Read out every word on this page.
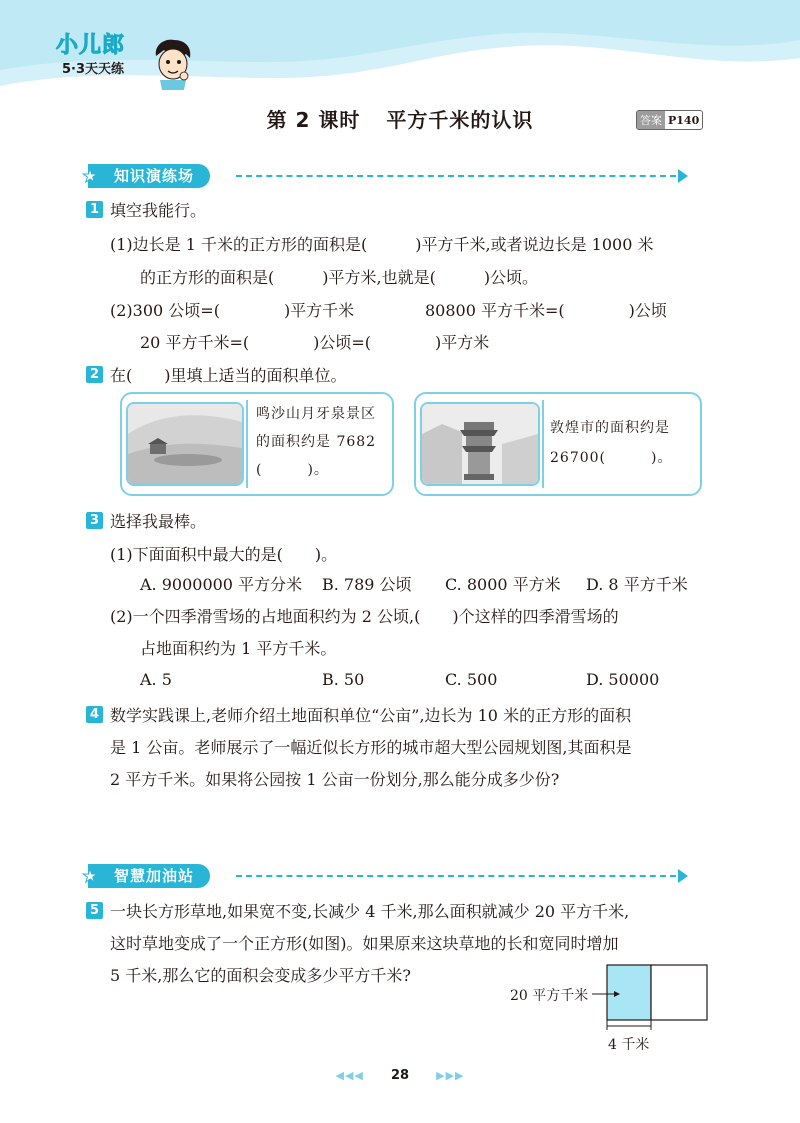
小儿郎
5·3天天练
第 2 课时 平方千米的认识	答案 P140
知识演练场
★
1 填空我能行。
(1)边长是 1 千米的正方形的面积是(　　　)平方千米,或者说边长是 1000 米
的正方形的面积是(　　　)平方米,也就是(　　　)公顷。
(2)300 公顷=(　　　　)平方千米	80800 平方千米=(　　　　)公顷
20 平方千米=(　　　　)公顷=(　　　　)平方米
2 在(　　)里填上适当的面积单位。
鸣沙山月牙泉景区
的面积约是 7682
(　　　)。
敦煌市的面积约是
26700(　　　)。
3 选择我最棒。
(1)下面面积中最大的是(　　)。
A. 9000000 平方分米 B. 789 公顷 C. 8000 平方米 D. 8 平方千米
(2)一个四季滑雪场的占地面积约为 2 公顷,(　　)个这样的四季滑雪场的
占地面积约为 1 平方千米。
A. 5	B. 50	C. 500	D. 50000
4 数学实践课上,老师介绍土地面积单位“公亩”,边长为 10 米的正方形的面积
是 1 公亩。老师展示了一幅近似长方形的城市超大型公园规划图,其面积是
2 平方千米。如果将公园按 1 公亩一份划分,那么能分成多少份?
智慧加油站
★
5 一块长方形草地,如果宽不变,长减少 4 千米,那么面积就减少 20 平方千米,
这时草地变成了一个正方形(如图)。如果原来这块草地的长和宽同时增加
5 千米,那么它的面积会变成多少平方千米?
20 平方千米
4 千米
◀◀◀ 28 ▶▶▶
